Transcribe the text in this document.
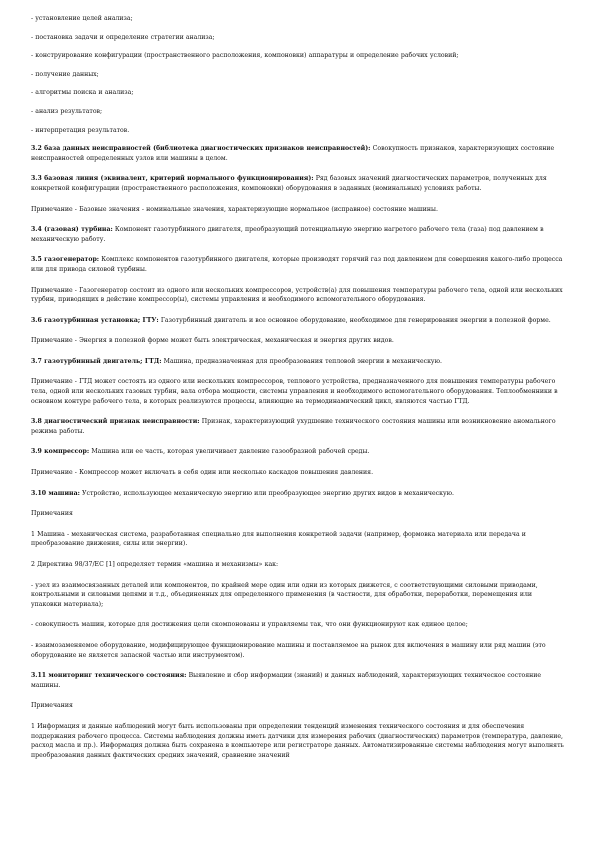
- установление целей анализа;

- постановка задачи и определение стратегии анализа;

- конструирование конфигурации (пространственного расположения, компоновки) аппаратуры и определение рабочих условий;

- получение данных;

- алгоритмы поиска и анализа;

- анализ результатов;

- интерпретация результатов.

3.2 база данных неисправностей (библиотека диагностических признаков неисправностей): Совокупность признаков, характеризующих состояние неисправностей определенных узлов или машины в целом.

3.3 базовая линия (эквивалент, критерий нормального функционирования): Ряд базовых значений диагностических параметров, полученных для конкретной конфигурации (пространственного расположения, компоновки) оборудования в заданных (номинальных) условиях работы.

Примечание - Базовые значения - номинальные значения, характеризующие нормальное (исправное) состояние машины.

3.4 (газовая) турбина: Компонент газотурбинного двигателя, преобразующий потенциальную энергию нагретого рабочего тела (газа) под давлением в механическую работу.

3.5 газогенератор: Комплекс компонентов газотурбинного двигателя, которые производят горячий газ под давлением для совершения какого-либо процесса или для привода силовой турбины.

Примечание - Газогенератор состоит из одного или нескольких компрессоров, устройств(а) для повышения температуры рабочего тела, одной или нескольких турбин, приводящих в действие компрессор(ы), системы управления и необходимого вспомогательного оборудования.

3.6 газотурбинная установка; ГТУ: Газотурбинный двигатель и все основное оборудование, необходимое для генерирования энергии в полезной форме.

Примечание - Энергия в полезной форме может быть электрическая, механическая и энергия других видов.

3.7 газотурбинный двигатель; ГТД: Машина, предназначенная для преобразования тепловой энергии в механическую.

Примечание - ГТД может состоять из одного или нескольких компрессоров, теплового устройства, предназначенного для повышения температуры рабочего тела, одной или нескольких газовых турбин, вала отбора мощности, системы управления и необходимого вспомогательного оборудования. Теплообменники в основном контуре рабочего тела, в которых реализуются процессы, влияющие на термодинамический цикл, являются частью ГТД.

3.8 диагностический признак неисправности: Признак, характеризующий ухудшение технического состояния машины или возникновение аномального режима работы.

3.9 компрессор: Машина или ее часть, которая увеличивает давление газообразной рабочей среды.

Примечание - Компрессор может включать в себя один или несколько каскадов повышения давления.

3.10 машина: Устройство, использующее механическую энергию или преобразующее энергию других видов в механическую.

Примечания

1 Машина - механическая система, разработанная специально для выполнения конкретной задачи (например, формовка материала или передача и преобразование движения, силы или энергии).

2 Директива 98/37/ЕС [1] определяет термин «машина и механизмы» как:

- узел из взаимосвязанных деталей или компонентов, по крайней мере один или одни из которых движется, с соответствующими силовыми приводами, контрольными и силовыми цепями и т.д., объединенных для определенного применения (в частности, для обработки, переработки, перемещения или упаковки материала);

- совокупность машин, которые для достижения цели скомпонованы и управляемы так, что они функционируют как единое целое;

- взаимозаменяемое оборудование, модифицирующее функционирование машины и поставляемое на рынок для включения в машину или ряд машин (это оборудование не является запасной частью или инструментом).

3.11 мониторинг технического состояния: Выявление и сбор информации (знаний) и данных наблюдений, характеризующих техническое состояние машины.

Примечания

1 Информация и данные наблюдений могут быть использованы при определении тенденций изменения технического состояния и для обеспечения поддержания рабочего процесса. Системы наблюдения должны иметь датчики для измерения рабочих (диагностических) параметров (температура, давление, расход масла и пр.). Информация должна быть сохранена в компьютере или регистраторе данных. Автоматизированные системы наблюдения могут выполнять преобразования данных фактических средних значений, сравнение значений
